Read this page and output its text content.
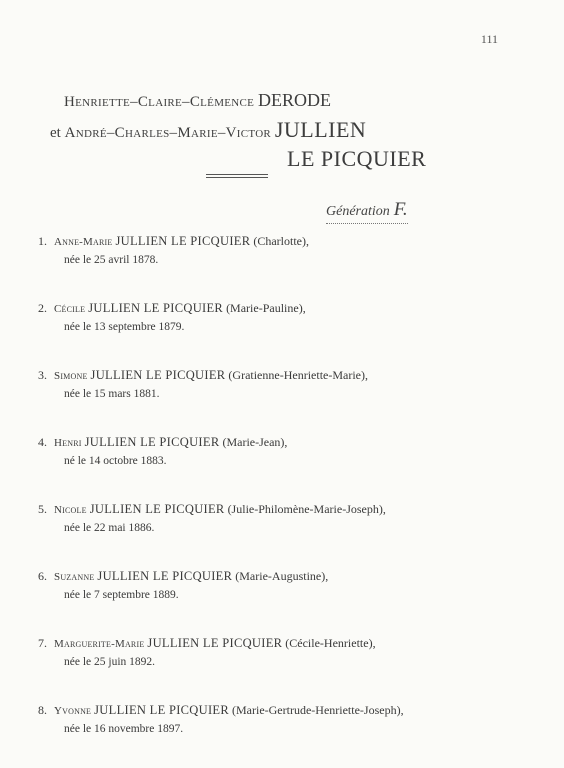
111
Henriette–Claire–Clémence DERODE
et André–Charles–Marie–Victor JULLIEN
LE PICQUIER
Génération F.
1. Anne-Marie JULLIEN LE PICQUIER (Charlotte),
née le 25 avril 1878.
2. Cécile JULLIEN LE PICQUIER (Marie-Pauline),
née le 13 septembre 1879.
3. Simone JULLIEN LE PICQUIER (Gratienne-Henriette-Marie),
née le 15 mars 1881.
4. Henri JULLIEN LE PICQUIER (Marie-Jean),
né le 14 octobre 1883.
5. Nicole JULLIEN LE PICQUIER (Julie-Philomène-Marie-Joseph),
née le 22 mai 1886.
6. Suzanne JULLIEN LE PICQUIER (Marie-Augustine),
née le 7 septembre 1889.
7. Marguerite-Marie JULLIEN LE PICQUIER (Cécile-Henriette),
née le 25 juin 1892.
8. Yvonne JULLIEN LE PICQUIER (Marie-Gertrude-Henriette-Joseph),
née le 16 novembre 1897.
